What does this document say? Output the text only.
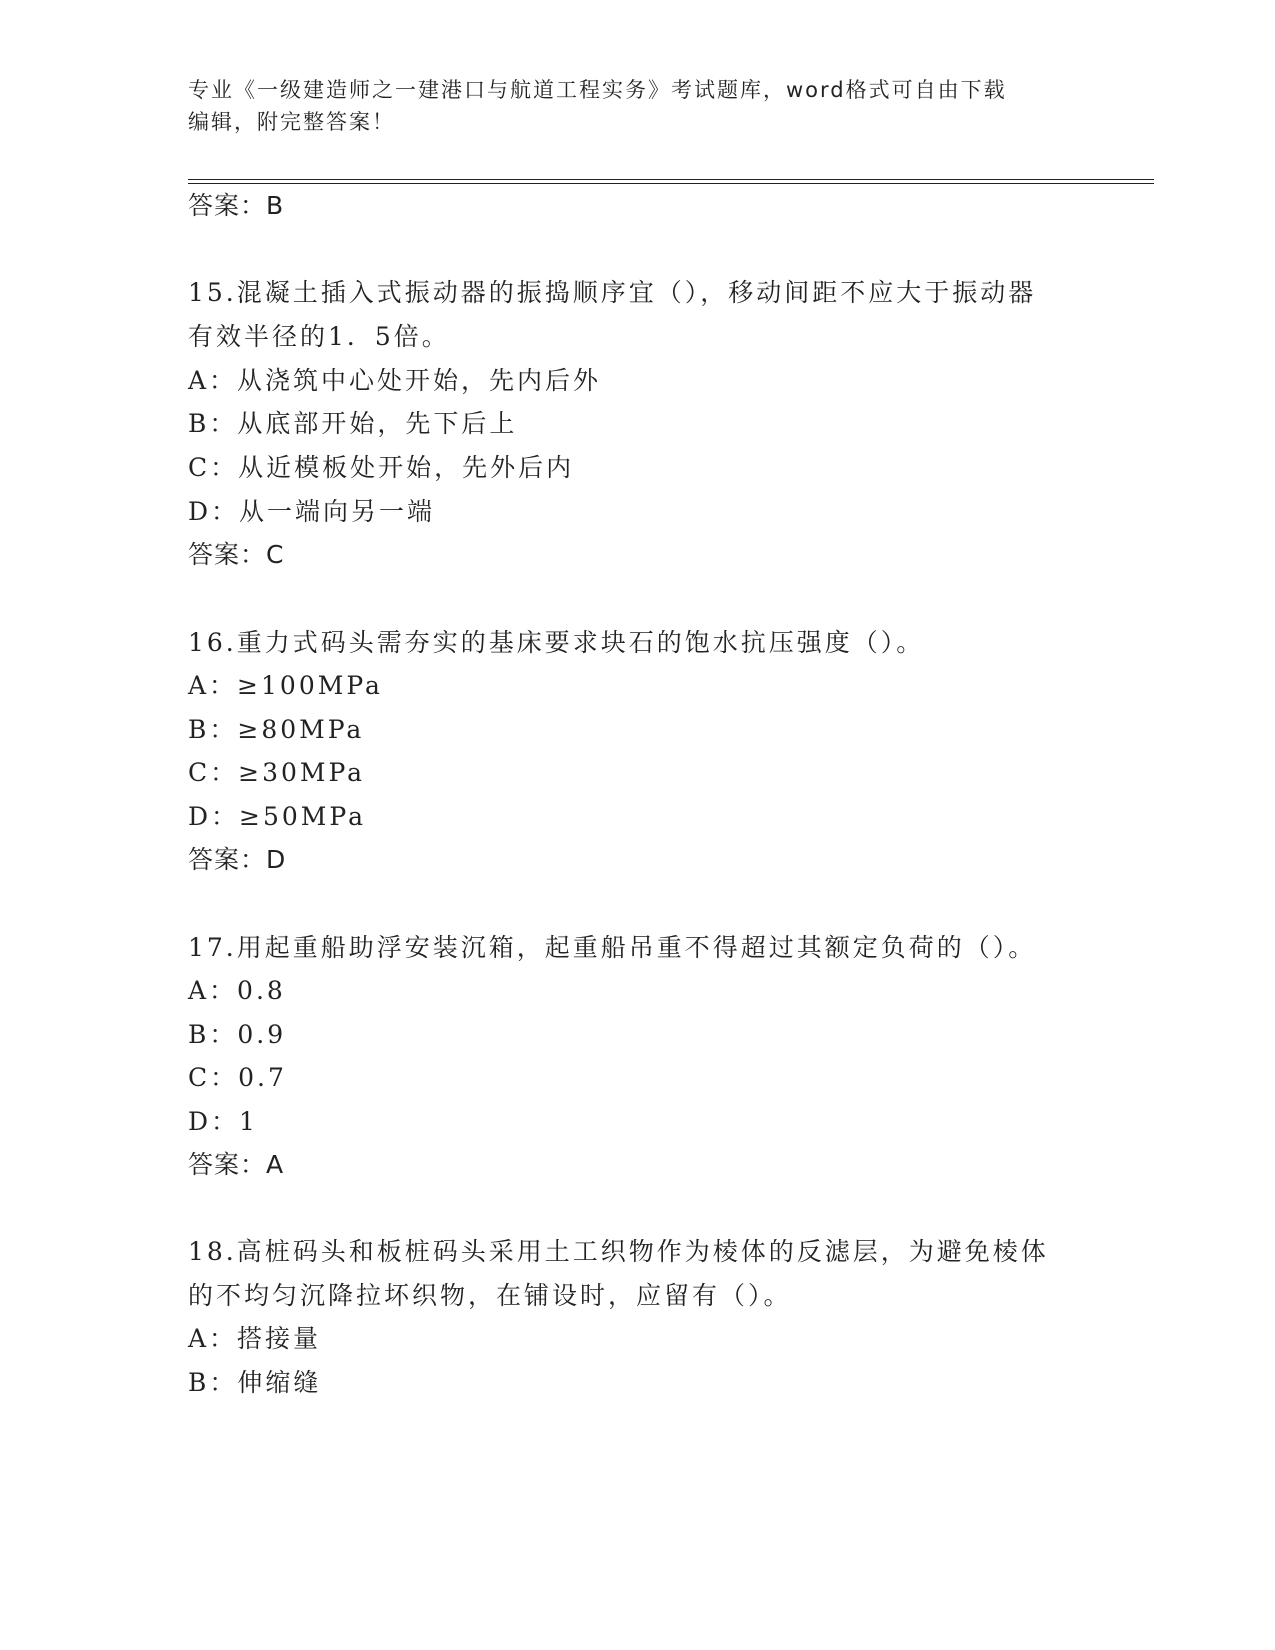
专业《一级建造师之一建港口与航道工程实务》考试题库，word格式可自由下载
编辑，附完整答案！
答案：B
15.混凝土插入式振动器的振捣顺序宜（），移动间距不应大于振动器
有效半径的1．5倍。
A：从浇筑中心处开始，先内后外
B：从底部开始，先下后上
C：从近模板处开始，先外后内
D：从一端向另一端
答案：C
16.重力式码头需夯实的基床要求块石的饱水抗压强度（）。
A：≥100MPa
B：≥80MPa
C：≥30MPa
D：≥50MPa
答案：D
17.用起重船助浮安装沉箱，起重船吊重不得超过其额定负荷的（）。
A：0.8
B：0.9
C：0.7
D：1
答案：A
18.高桩码头和板桩码头采用土工织物作为棱体的反滤层，为避免棱体
的不均匀沉降拉坏织物，在铺设时，应留有（）。
A：搭接量
B：伸缩缝
